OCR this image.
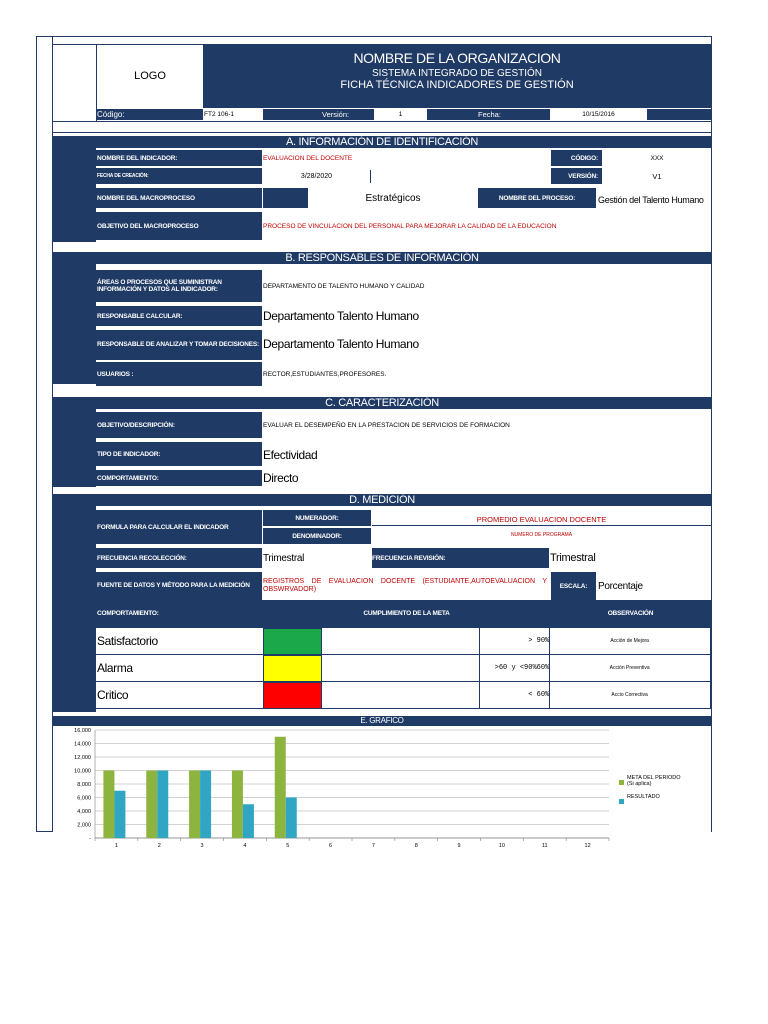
LOGO
NOMBRE DE LA ORGANIZACION
SISTEMA INTEGRADO DE GESTIÓN
FICHA TÉCNICA INDICADORES DE GESTIÓN
Código:	FT2 106-1	Versión:	1	Fecha:	10/15/2016
A. INFORMACIÓN DE IDENTIFICACIÓN
NOMBRE DEL INDICADOR:	EVALUACION DEL DOCENTE	CÓDIGO:	XXX
FECHA DE CREACIÓN:	3/28/2020	VERSIÓN:	V1
NOMBRE DEL MACROPROCESO	Estratégicos	NOMBRE DEL PROCESO:	Gestión del Talento Humano
OBJETIVO DEL MACROPROCESO	PROCESO DE VINCULACION DEL PERSONAL PARA MEJORAR LA CALIDAD DE LA EDUCACION
B. RESPONSABLES DE INFORMACIÓN
ÁREAS O PROCESOS QUE SUMINISTRAN INFORMACIÓN Y DATOS AL INDICADOR:	DEPARTAMENTO DE TALENTO HUMANO Y CALIDAD
RESPONSABLE CALCULAR:	Departamento Talento Humano
RESPONSABLE DE ANALIZAR Y TOMAR DECISIONES: Departamento Talento Humano
USUARIOS :	RECTOR,ESTUDIANTES,PROFESORES.
C. CARACTERIZACIÓN
OBJETIVO/DESCRIPCIÓN:	EVALUAR EL DESEMPEÑO EN LA PRESTACION DE SERVICIOS DE FORMACION
TIPO DE INDICADOR:	Efectividad
COMPORTAMIENTO:	Directo
D. MEDICIÓN
FORMULA PARA CALCULAR EL INDICADOR
NUMERADOR:	PROMEDIO EVALUACION DOCENTE
DENOMINADOR:	NUMERO DE PROGRAMA
FRECUENCIA RECOLECCIÓN:	Trimestral	FRECUENCIA REVISIÓN:	Trimestral
FUENTE DE DATOS Y MÉTODO PARA LA MEDICIÓN
REGISTROS DE EVALUACION DOCENTE (ESTUDIANTE,AUTOEVALUACION Y OBSWRVADOR)	ESCALA:	Porcentaje
COMPORTAMIENTO:	CUMPLIMIENTO DE LA META	OBSERVACIÓN
Satisfactorio	> 90%	Acción de Mejora
Alarma	>60 y <90%60%	Acción Preventiva
Critico	< 60%	Accio Correctiva
E. GRAFICO
-
2,000
4,000
6,000
8,000
10,000
12,000
14,000
16,000
1	2	3	4	5	6	7	8	9	10	11	12
META DEL PERIODO
(Si aplica)
RESULTADO
